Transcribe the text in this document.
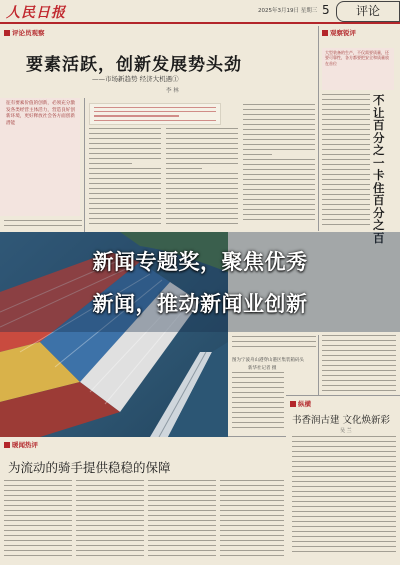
人民日报	2025年3月19日 星期三 5	评论
评论员观察	观察锐评
暖闻热评
纵横
要素活跃，创新发展势头劲
——市场新趋势 经济大机遇①
李 林

征有要素价值的创新，必须充分激发各类经营主体活力，营造良好创新环境，更好释放社会各方面创新潜能

大型装备的生产，不仅需要质量，还要可靠性，各方都要把安全和质量放在首位

不让百分之一卡住百分之百
图为宁波舟山港穿山港区集装箱码头
新华社记者 摄
新闻专题奖，聚焦优秀
新闻，推动新闻业创新
为流动的骑手提供稳稳的保障
书香润古建 文化焕新彩
吴 兰
